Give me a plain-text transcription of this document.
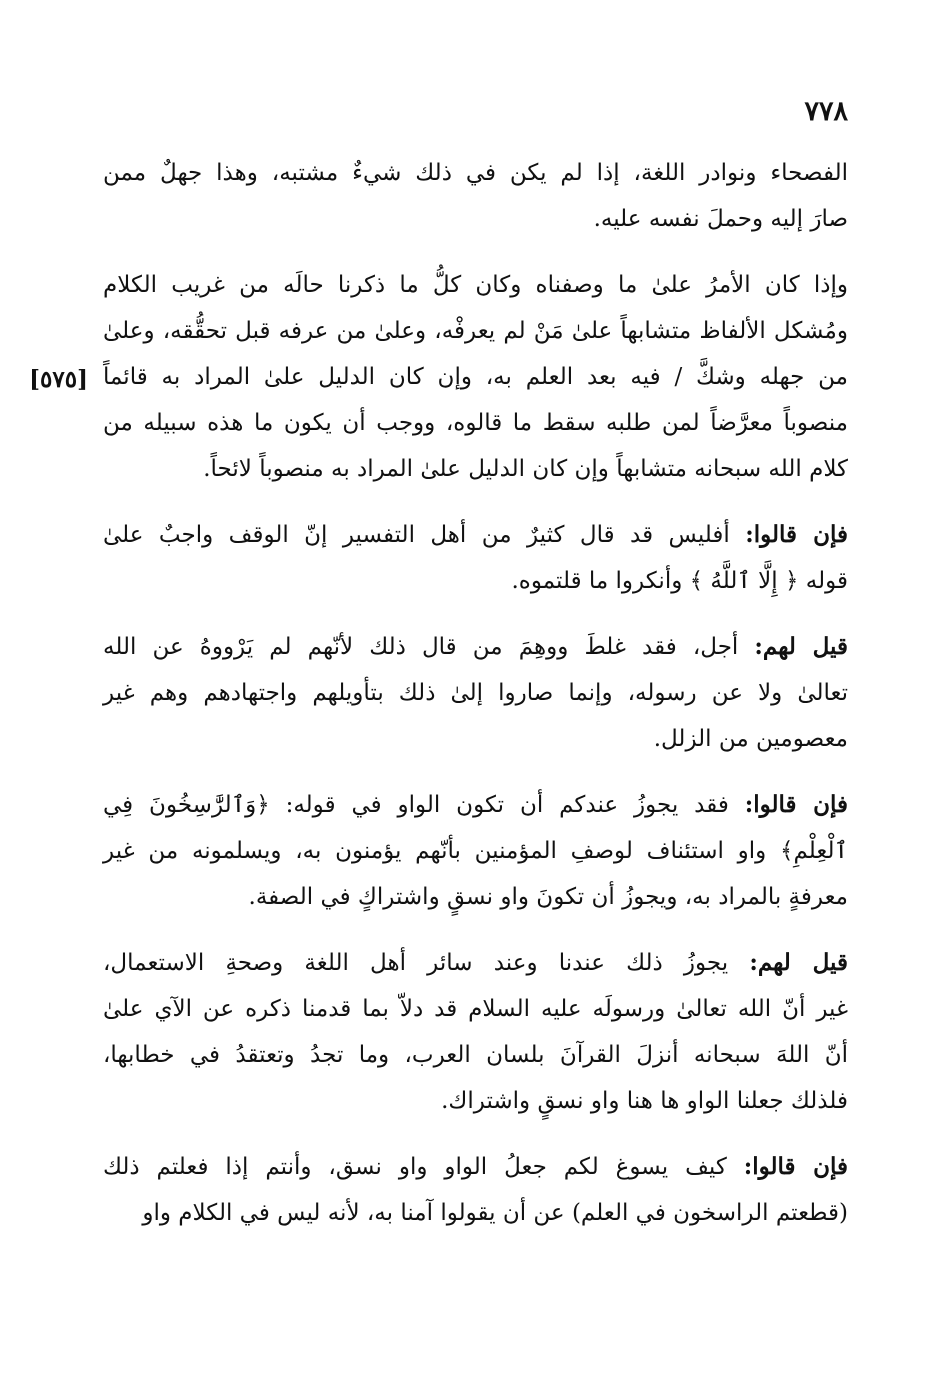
٧٧٨
[٥٧٥]
الفصحاء ونوادر اللغة، إذا لم يكن في ذلك شيءٌ مشتبه، وهذا جهلٌ ممن
صارَ إليه وحملَ نفسه عليه.
وإذا كان الأمرُ علىٰ ما وصفناه وكان كلُّ ما ذكرنا حالَه من غريب الكلام
ومُشكل الألفاظ متشابهاً علىٰ مَنْ لم يعرفْه، وعلىٰ من عرفه قبل تحقُّقه، وعلىٰ
من جهله وشكَّ / فيه بعد العلم به، وإن كان الدليل علىٰ المراد به قائماً
منصوباً معرَّضاً لمن طلبه سقط ما قالوه، ووجب أن يكون ما هذه سبيله من
كلام الله سبحانه متشابهاً وإن كان الدليل علىٰ المراد به منصوباً لائحاً.
فإن قالوا: أفليس قد قال كثيرٌ من أهل التفسير إنّ الوقف واجبٌ علىٰ
قوله ﴿ إِلَّا ٱللَّهُ ﴾ وأنكروا ما قلتموه.
قيل لهم: أجل، فقد غلطَ ووهِمَ من قال ذلك لأنّهم لم يَرْووهُ عن الله
تعالىٰ ولا عن رسوله، وإنما صاروا إلىٰ ذلك بتأويلهم واجتهادهم وهم غير
معصومين من الزلل.
فإن قالوا: فقد يجوزُ عندكم أن تكون الواو في قوله: ﴿وَٱلرَّٰسِخُونَ فِي
ٱلْعِلْمِ﴾ واو استئناف لوصفِ المؤمنين بأنّهم يؤمنون به، ويسلمونه من غير
معرفةٍ بالمراد به، ويجوزُ أن تكونَ واو نسقٍ واشتراكٍ في الصفة.
قيل لهم: يجوزُ ذلك عندنا وعند سائر أهل اللغة وصحةِ الاستعمال،
غير أنّ الله تعالىٰ ورسولَه عليه السلام قد دلاّ بما قدمنا ذكره عن الآي علىٰ
أنّ اللهَ سبحانه أنزلَ القرآنَ بلسان العرب، وما تجدُ وتعتقدُ في خطابها،
فلذلك جعلنا الواو ها هنا واو نسقٍ واشتراك.
فإن قالوا: كيف يسوغ لكم جعلُ الواو واو نسق، وأنتم إذا فعلتم ذلك
(قطعتم الراسخون في العلم) عن أن يقولوا آمنا به، لأنه ليس في الكلام واو
